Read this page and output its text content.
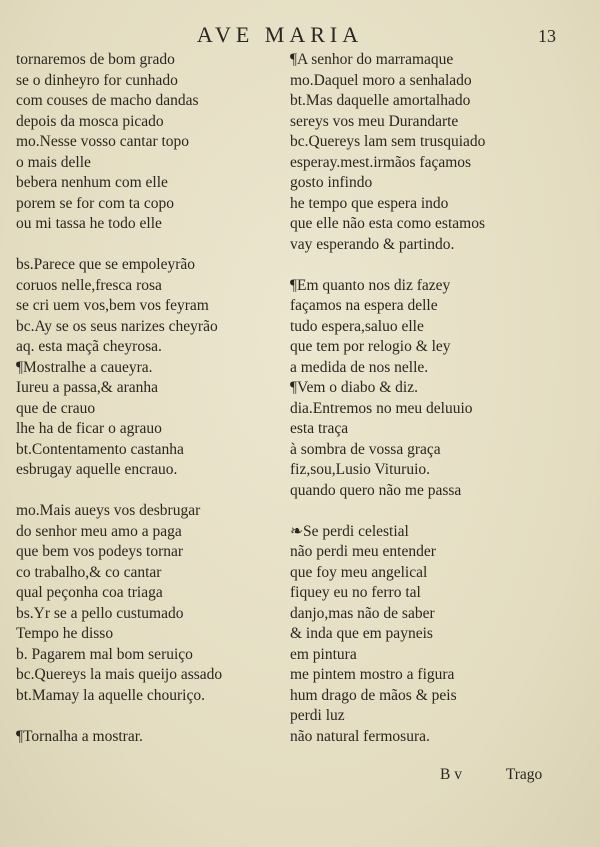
AVE MARIA	13
tornaremos de bom grado
se o dinheyro for cunhado
com couses de macho dandas
depois da mosca picado
mo.Nesse vosso cantar topo
o mais delle
bebera nenhum com elle
porem se for com ta copo
ou mi tassa he todo elle
bs.Parece que se empoleyrão
coruos nelle,fresca rosa
se cri uem vos,bem vos feyram
bc.Ay se os seus narizes cheyrão
aq. esta maçã cheyrosa.
¶Mostralhe a caueyra.
Iureu a passa,& aranha
que de crauo
lhe ha de ficar o agrauo
bt.Contentamento castanha
esbrugay aquelle encrauo.
mo.Mais aueys vos desbrugar
do senhor meu amo a paga
que bem vos podeys tornar
co trabalho,& co cantar
qual peçonha coa triaga
bs.Yr se a pello custumado
Tempo he disso
b. Pagarem mal bom seruiço
bc.Quereys la mais queijo assado
bt.Mamay la aquelle chouriço.
¶Tornalha a mostrar.
¶A senhor do marramaque
mo.Daquel moro a senhalado
bt.Mas daquelle amortalhado
sereys vos meu Durandarte
bc.Quereys lam sem trusquiado
esperay.mest.irmãos façamos
gosto infindo
he tempo que espera indo
que elle não esta como estamos
vay esperando & partindo.
¶Em quanto nos diz fazey
façamos na espera delle
tudo espera,saluo elle
que tem por relogio & ley
a medida de nos nelle.
¶Vem o diabo & diz.
dia.Entremos no meu deluuio
esta traça
à sombra de vossa graça
fiz,sou,Lusio Vituruio.
quando quero não me passa
❧Se perdi celestial
não perdi meu entender
que foy meu angelical
fiquey eu no ferro tal
danjo,mas não de saber
& inda que em payneis
em pintura
me pintem mostro a figura
hum drago de mãos & peis
perdi luz
não natural fermosura.
B v	Trago
